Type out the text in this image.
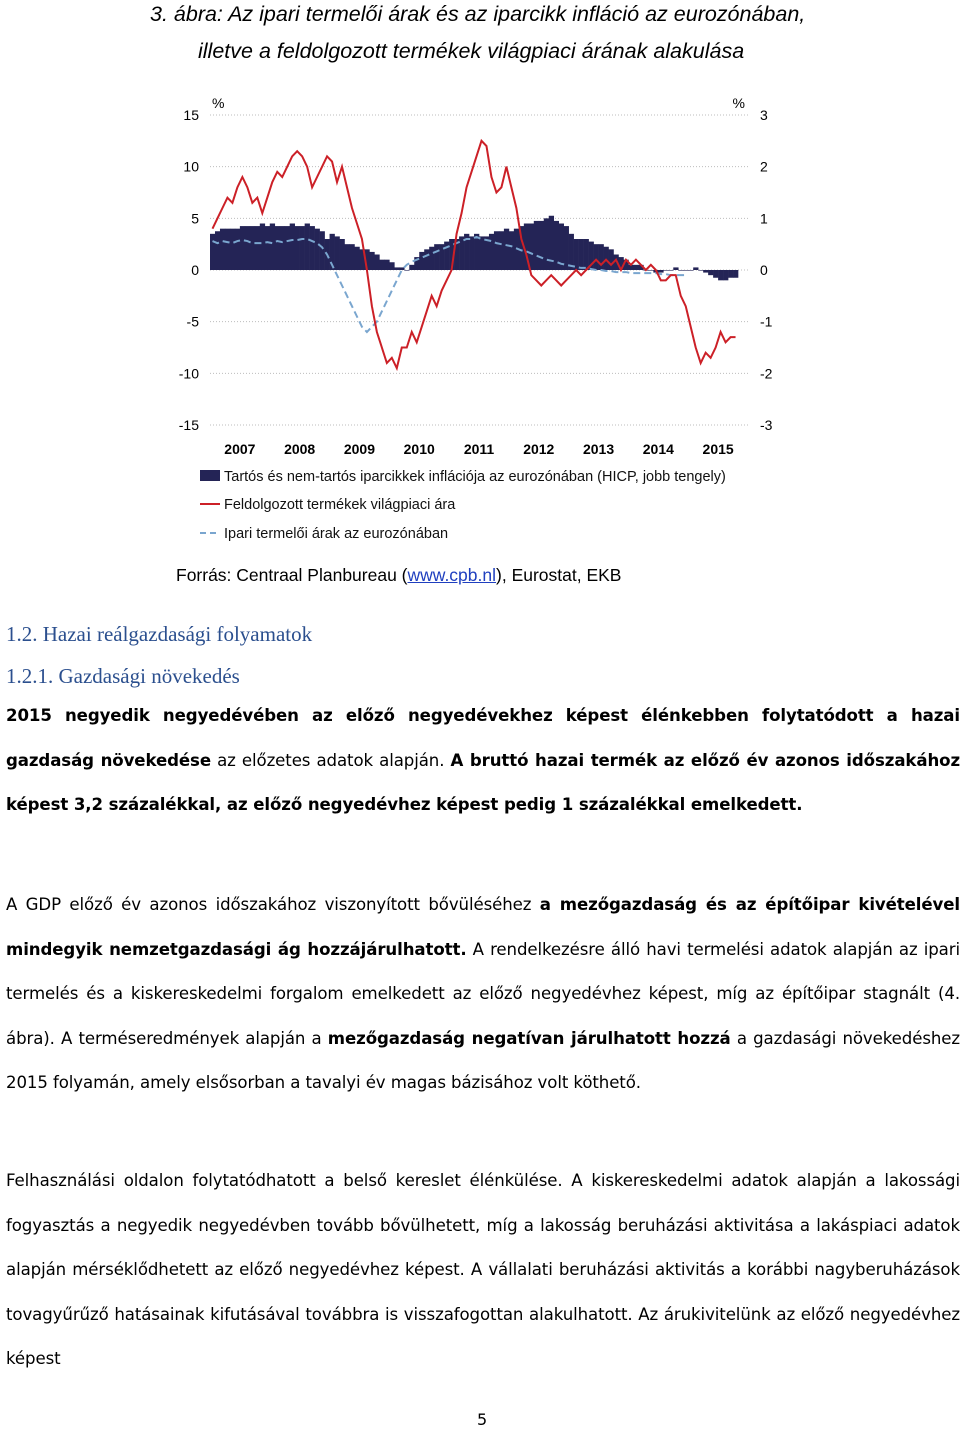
3. ábra: Az ipari termelői árak és az iparcikk infláció az eurozónában,

illetve a feldolgozott termékek világpiaci árának alakulása

15
10
5
0
-5
-10
-15
3
2
1
0
-1
-2
-3
%	%
2007 2008 2009 2010 2011 2012 2013 2014 2015
Tartós és nem-tartós iparcikkek inflációja az eurozónában (HICP, jobb tengely)
Feldolgozott termékek világpiaci ára
Ipari termelői árak az eurozónában

Forrás: Centraal Planbureau (www.cpb.nl), Eurostat, EKB

1.2. Hazai reálgazdasági folyamatok

1.2.1. Gazdasági növekedés

2015 negyedik negyedévében az előző negyedévekhez képest élénkebben folytatódott a hazai gazdaság növekedése az előzetes adatok alapján. A bruttó hazai termék az előző év azonos időszakához képest 3,2 százalékkal, az előző negyedévhez képest pedig 1 százalékkal emelkedett.

A GDP előző év azonos időszakához viszonyított bővüléséhez a mezőgazdaság és az építőipar kivételével mindegyik nemzetgazdasági ág hozzájárulhatott. A rendelkezésre álló havi termelési adatok alapján az ipari termelés és a kiskereskedelmi forgalom emelkedett az előző negyedévhez képest, míg az építőipar stagnált (4. ábra). A terméseredmények alapján a mezőgazdaság negatívan járulhatott hozzá a gazdasági növekedéshez 2015 folyamán, amely elsősorban a tavalyi év magas bázisához volt köthető.

Felhasználási oldalon folytatódhatott a belső kereslet élénkülése. A kiskereskedelmi adatok alapján a lakossági fogyasztás a negyedik negyedévben tovább bővülhetett, míg a lakosság beruházási aktivitása a lakáspiaci adatok alapján mérséklődhetett az előző negyedévhez képest. A vállalati beruházási aktivitás a korábbi nagyberuházások tovagyűrűző hatásainak kifutásával továbbra is visszafogottan alakulhatott. Az árukivitelünk az előző negyedévhez képest

5
